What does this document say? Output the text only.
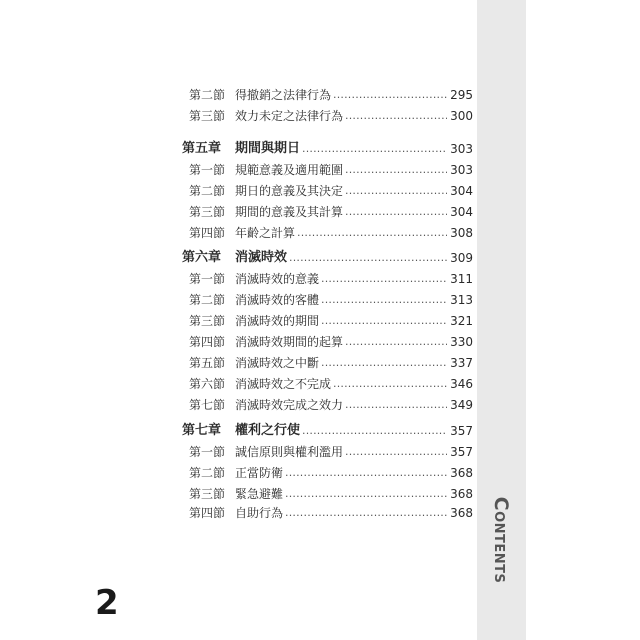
第二節 得撤銷之法律行為 .....	295
第三節 效力未定之法律行為 .....	300
第五章	期間與期日 .....	303
第一節 規範意義及適用範圍 .....	303
第二節 期日的意義及其決定 .....	304
第三節 期間的意義及其計算 .....	304
第四節 年齡之計算 .....	308
第六章	消滅時效 .....	309
第一節 消滅時效的意義 .....	311
第二節 消滅時效的客體 .....	313
第三節 消滅時效的期間 .....	321
第四節 消滅時效期間的起算 .....	330
第五節 消滅時效之中斷 .....	337
第六節 消滅時效之不完成 .....	346
第七節 消滅時效完成之效力 .....	349
第七章	權利之行使 .....	357
第一節 誠信原則與權利濫用 .....	357
第二節 正當防衛 .....	368
第三節 緊急避難 .....	368
第四節 自助行為 .....	368 Contents
2
